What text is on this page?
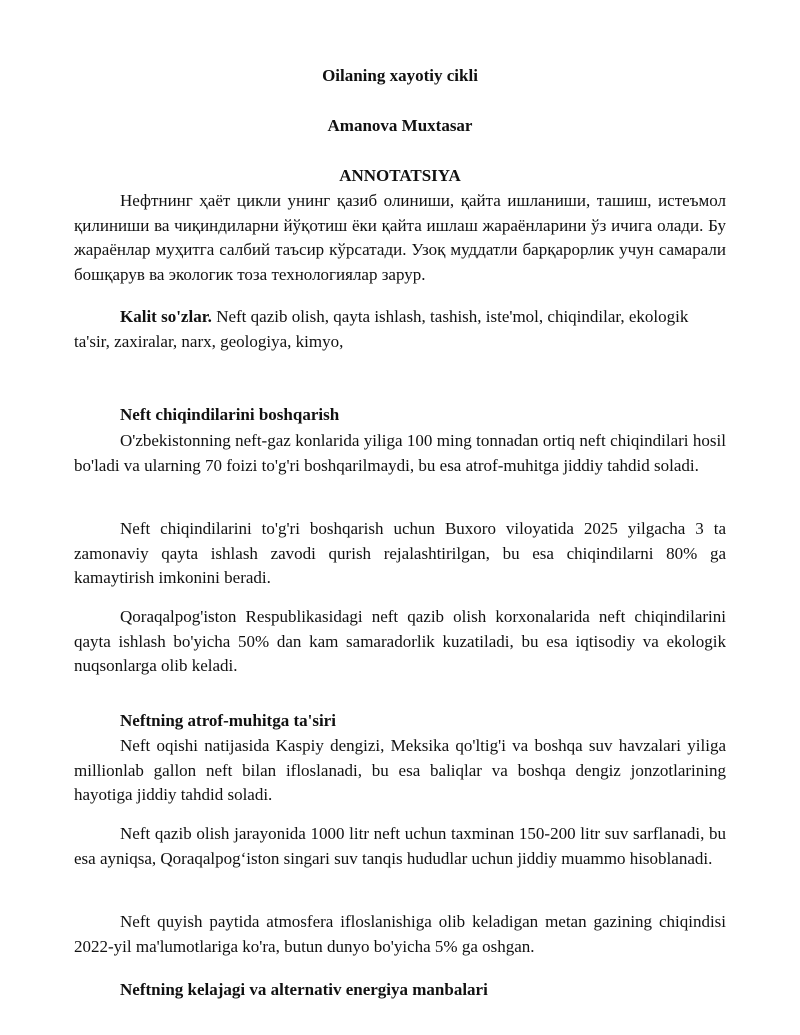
Oilaning xayotiy cikli
Amanova Muxtasar
ANNOTATSIYA

Нефтнинг ҳаёт цикли унинг қазиб олиниши, қайта ишланиши, ташиш, истеъмол қилиниши ва чиқиндиларни йўқотиш ёки қайта ишлаш жараёнларини ўз ичига олади. Бу жараёнлар муҳитга салбий таъсир кўрсатади. Узоқ муддатли барқарорлик учун самарали бошқарув ва экологик тоза технологиялар зарур.

Kalit so'zlar. Neft qazib olish, qayta ishlash, tashish, iste'mol, chiqindilar, ekologik ta'sir, zaxiralar, narx, geologiya, kimyo,

Neft chiqindilarini boshqarish

O'zbekistonning neft-gaz konlarida yiliga 100 ming tonnadan ortiq neft chiqindilari hosil bo'ladi va ularning 70 foizi to'g'ri boshqarilmaydi, bu esa atrof-muhitga jiddiy tahdid soladi.

Neft chiqindilarini to'g'ri boshqarish uchun Buxoro viloyatida 2025 yilgacha 3 ta zamonaviy qayta ishlash zavodi qurish rejalashtirilgan, bu esa chiqindilarni 80% ga kamaytirish imkonini beradi.

Qoraqalpog'iston Respublikasidagi neft qazib olish korxonalarida neft chiqindilarini qayta ishlash bo'yicha 50% dan kam samaradorlik kuzatiladi, bu esa iqtisodiy va ekologik nuqsonlarga olib keladi.

Neftning atrof-muhitga ta'siri

Neft oqishi natijasida Kaspiy dengizi, Meksika qo'ltig'i va boshqa suv havzalari yiliga millionlab gallon neft bilan ifloslanadi, bu esa baliqlar va boshqa dengiz jonzotlarining hayotiga jiddiy tahdid soladi.

Neft qazib olish jarayonida 1000 litr neft uchun taxminan 150-200 litr suv sarflanadi, bu esa ayniqsa, Qoraqalpog‘iston singari suv tanqis hududlar uchun jiddiy muammo hisoblanadi.

Neft quyish paytida atmosfera ifloslanishiga olib keladigan metan gazining chiqindisi 2022-yil ma'lumotlariga ko'ra, butun dunyo bo'yicha 5% ga oshgan.

Neftning kelajagi va alternativ energiya manbalari
